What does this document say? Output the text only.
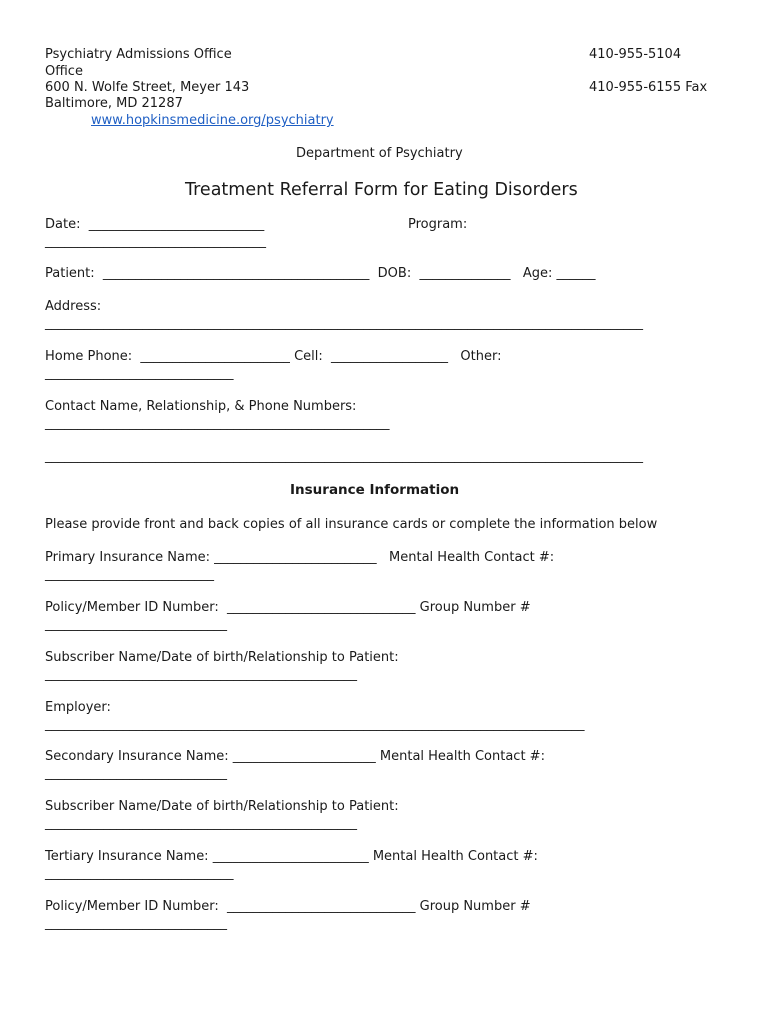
Psychiatry Admissions Office
Office
600 N. Wolfe Street, Meyer 143
Baltimore, MD 21287
www.hopkinsmedicine.org/psychiatry
410-955-5104
410-955-6155 Fax
Department of Psychiatry
Treatment Referral Form for Eating Disorders
Date:  ___________________________	Program:
__________________________________
Patient:  _________________________________________  DOB:  ______________   Age: ______
Address:
____________________________________________________________________________________________
Home Phone:  _______________________ Cell:  __________________   Other:
_____________________________
Contact Name, Relationship, & Phone Numbers:
_____________________________________________________
____________________________________________________________________________________________
Insurance Information
Please provide front and back copies of all insurance cards or complete the information below
Primary Insurance Name: _________________________   Mental Health Contact #:
__________________________
Policy/Member ID Number:  _____________________________ Group Number #
____________________________
Subscriber Name/Date of birth/Relationship to Patient:
________________________________________________
Employer:
___________________________________________________________________________________
Secondary Insurance Name: ______________________ Mental Health Contact #:
____________________________
Subscriber Name/Date of birth/Relationship to Patient:
________________________________________________
Tertiary Insurance Name: ________________________ Mental Health Contact #:
_____________________________
Policy/Member ID Number:  _____________________________ Group Number #
____________________________
